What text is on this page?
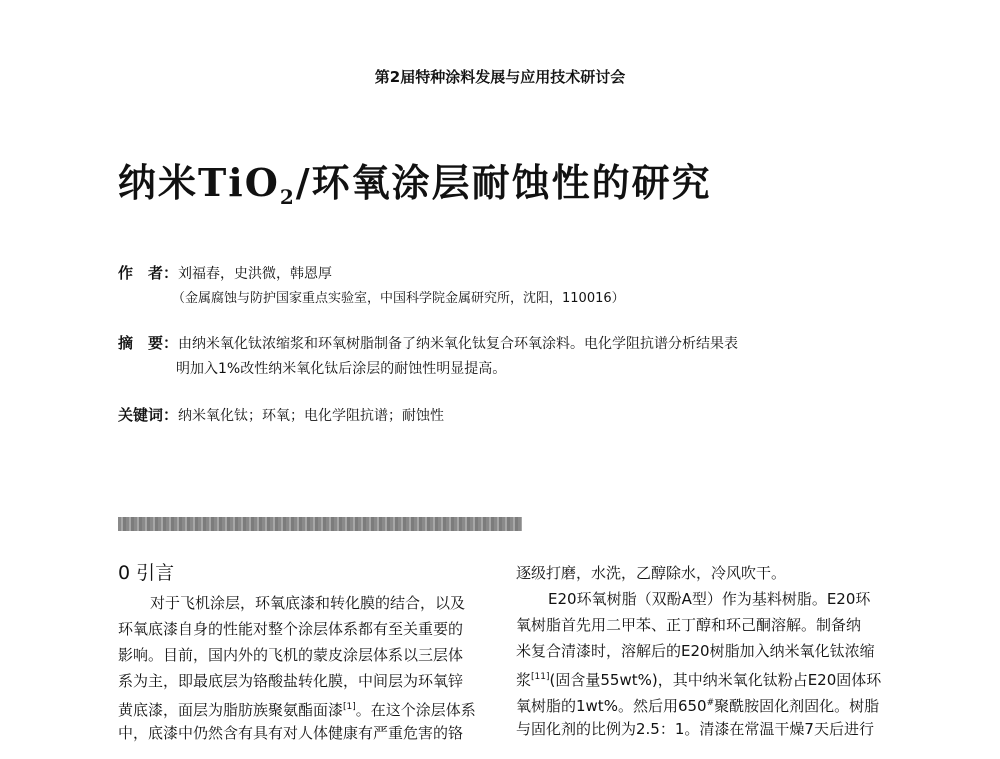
第2届特种涂料发展与应用技术研讨会
纳米TiO$_2$/环氧涂层耐蚀性的研究
作　者：刘福春，史洪微，韩恩厚
（金属腐蚀与防护国家重点实验室，中国科学院金属研究所，沈阳，110016）
摘　要：由纳米氧化钛浓缩浆和环氧树脂制备了纳米氧化钛复合环氧涂料。电化学阻抗谱分析结果表
明加入1%改性纳米氧化钛后涂层的耐蚀性明显提高。
关键词：纳米氧化钛；环氧；电化学阻抗谱；耐蚀性
0 引言
对于飞机涂层，环氧底漆和转化膜的结合，以及
环氧底漆自身的性能对整个涂层体系都有至关重要的
影响。目前，国内外的飞机的蒙皮涂层体系以三层体
系为主，即最底层为铬酸盐转化膜，中间层为环氧锌
黄底漆，面层为脂肪族聚氨酯面漆[1]。在这个涂层体系
中，底漆中仍然含有具有对人体健康有严重危害的铬
逐级打磨，水洗，乙醇除水，冷风吹干。
E20环氧树脂（双酚A型）作为基料树脂。E20环
氧树脂首先用二甲苯、正丁醇和环己酮溶解。制备纳
米复合清漆时，溶解后的E20树脂加入纳米氧化钛浓缩
浆[11](固含量55wt%)，其中纳米氧化钛粉占E20固体环
氧树脂的1wt%。然后用650#聚酰胺固化剂固化。树脂
与固化剂的比例为2.5：1。清漆在常温干燥7天后进行
